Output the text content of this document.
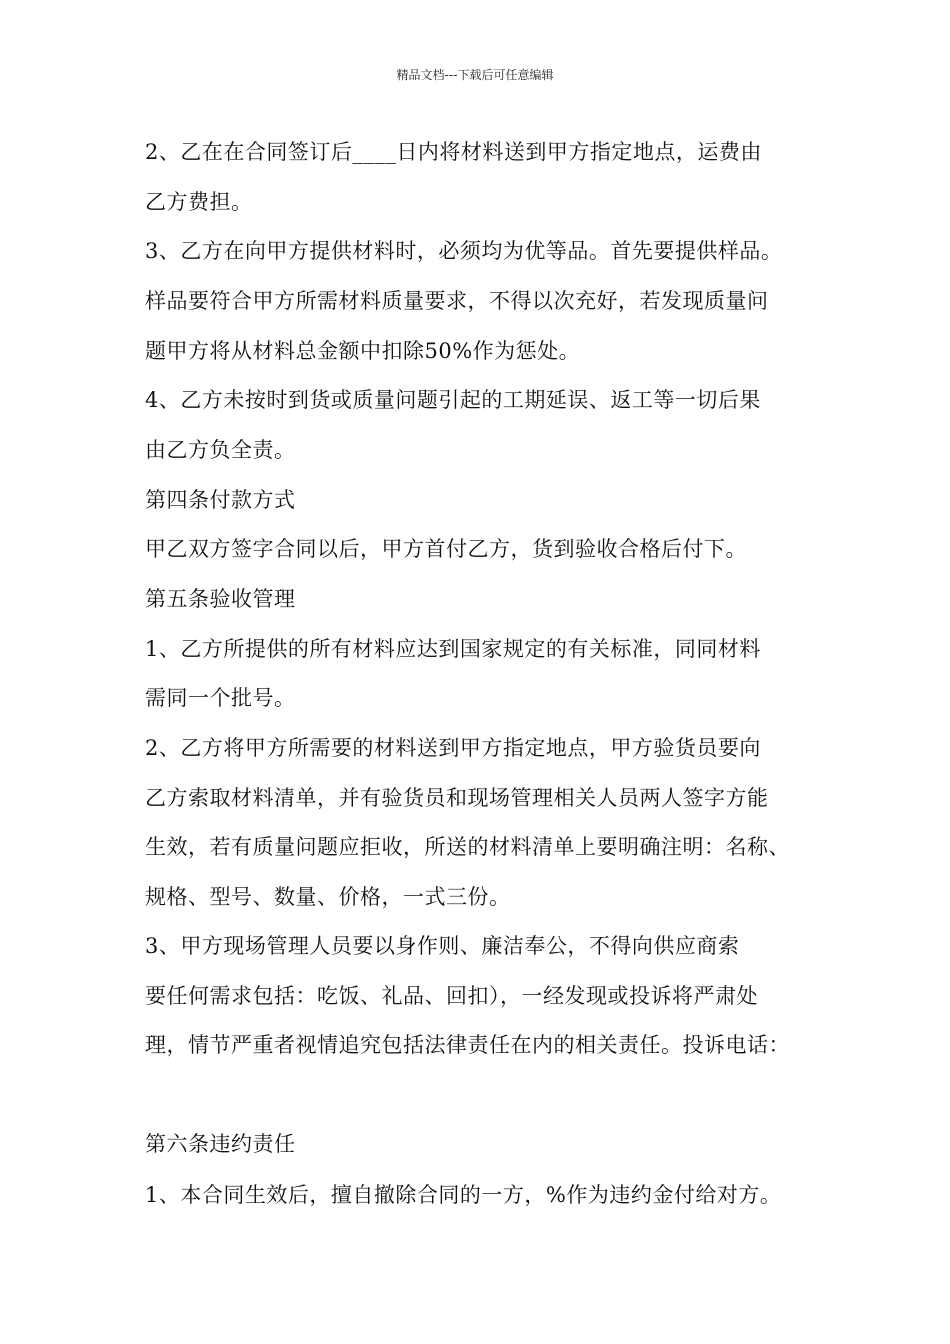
精品文档---下载后可任意编辑
2、乙在在合同签订后____日内将材料送到甲方指定地点，运费由
乙方费担。
3、乙方在向甲方提供材料时，必须均为优等品。首先要提供样品。
样品要符合甲方所需材料质量要求，不得以次充好，若发现质量问
题甲方将从材料总金额中扣除50%作为惩处。
4、乙方未按时到货或质量问题引起的工期延误、返工等一切后果
由乙方负全责。
第四条付款方式
甲乙双方签字合同以后，甲方首付乙方，货到验收合格后付下。
第五条验收管理
1、乙方所提供的所有材料应达到国家规定的有关标准，同同材料
需同一个批号。
2、乙方将甲方所需要的材料送到甲方指定地点，甲方验货员要向
乙方索取材料清单，并有验货员和现场管理相关人员两人签字方能
生效，若有质量问题应拒收，所送的材料清单上要明确注明：名称、
规格、型号、数量、价格，一式三份。
3、甲方现场管理人员要以身作则、廉洁奉公，不得向供应商索
要任何需求包括：吃饭、礼品、回扣），一经发现或投诉将严肃处
理，情节严重者视情追究包括法律责任在内的相关责任。投诉电话：
第六条违约责任
1、本合同生效后，擅自撤除合同的一方，%作为违约金付给对方。
